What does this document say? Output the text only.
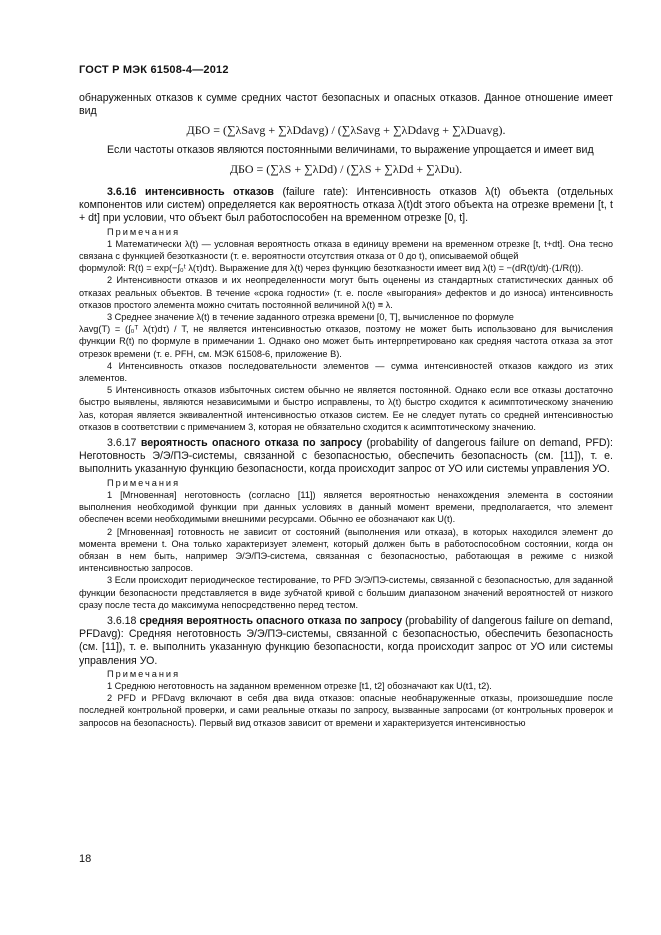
ГОСТ Р МЭК 61508-4—2012

обнаруженных отказов к сумме средних частот безопасных и опасных отказов. Данное отношение имеет вид

ДБО = (∑λSavg + ∑λDdavg) / (∑λSavg + ∑λDdavg + ∑λDuavg).

Если частоты отказов являются постоянными величинами, то выражение упрощается и имеет вид

ДБО = (∑λS + ∑λDd) / (∑λS + ∑λDd + ∑λDu).

3.6.16 интенсивность отказов (failure rate): Интенсивность отказов λ(t) объекта (отдельных компонентов или систем) определяется как вероятность отказа λ(t)dt этого объекта на отрезке времени [t, t + dt] при условии, что объект был работоспособен на временном отрезке [0, t].

Примечания

1 Математически λ(t) — условная вероятность отказа в единицу времени на временном отрезке [t, t+dt]. Она тесно связана с функцией безотказности (т. е. вероятности отсутствия отказа от 0 до t), описываемой общей

формулой: R(t) = exp(−∫₀ᵗ λ(τ)dτ). Выражение для λ(t) через функцию безотказности имеет вид λ(t) = −(dR(t)/dt)·(1/R(t)).

2 Интенсивности отказов и их неопределенности могут быть оценены из стандартных статистических данных об отказах реальных объектов. В течение «срока годности» (т. е. после «выгорания» дефектов и до износа) интенсивность отказов простого элемента можно считать постоянной величиной λ(t) ≡ λ.

3 Среднее значение λ(t) в течение заданного отрезка времени [0, T], вычисленное по формуле

λavg(T) = (∫₀ᵀ λ(τ)dτ) / T, не является интенсивностью отказов, поэтому не может быть использовано для вычисления функции R(t) по формуле в примечании 1. Однако оно может быть интерпретировано как средняя частота отказа за этот отрезок времени (т. е. PFH, см. МЭК 61508-6, приложение В).

4 Интенсивность отказов последовательности элементов — сумма интенсивностей отказов каждого из этих элементов.

5 Интенсивность отказов избыточных систем обычно не является постоянной. Однако если все отказы достаточно быстро выявлены, являются независимыми и быстро исправлены, то λ(t) быстро сходится к асимптотическому значению λas, которая является эквивалентной интенсивностью отказов систем. Ее не следует путать со средней интенсивностью отказов в соответствии с примечанием 3, которая не обязательно сходится к асимптотическому значению.

3.6.17 вероятность опасного отказа по запросу (probability of dangerous failure on demand, PFD): Неготовность Э/Э/ПЭ-системы, связанной с безопасностью, обеспечить безопасность (см. [11]), т. е. выполнить указанную функцию безопасности, когда происходит запрос от УО или системы управления УО.

Примечания

1 [Мгновенная] неготовность (согласно [11]) является вероятностью ненахождения элемента в состоянии выполнения необходимой функции при данных условиях в данный момент времени, предполагается, что элемент обеспечен всеми необходимыми внешними ресурсами. Обычно ее обозначают как U(t).

2 [Мгновенная] готовность не зависит от состояний (выполнения или отказа), в которых находился элемент до момента времени t. Она только характеризует элемент, который должен быть в работоспособном состоянии, когда он обязан в нем быть, например Э/Э/ПЭ-система, связанная с безопасностью, работающая в режиме с низкой интенсивностью запросов.

3 Если происходит периодическое тестирование, то PFD Э/Э/ПЭ-системы, связанной с безопасностью, для заданной функции безопасности представляется в виде зубчатой кривой с большим диапазоном значений вероятностей от низкого сразу после теста до максимума непосредственно перед тестом.

3.6.18 средняя вероятность опасного отказа по запросу (probability of dangerous failure on demand, PFDavg): Средняя неготовность Э/Э/ПЭ-системы, связанной с безопасностью, обеспечить безопасность (см. [11]), т. е. выполнить указанную функцию безопасности, когда происходит запрос от УО или системы управления УО.

Примечания

1 Среднюю неготовность на заданном временном отрезке [t1, t2] обозначают как U(t1, t2).

2 PFD и PFDavg включают в себя два вида отказов: опасные необнаруженные отказы, произошедшие после последней контрольной проверки, и сами реальные отказы по запросу, вызванные запросами (от контрольных проверок и запросов на безопасность). Первый вид отказов зависит от времени и характеризуется интенсивностью

18
